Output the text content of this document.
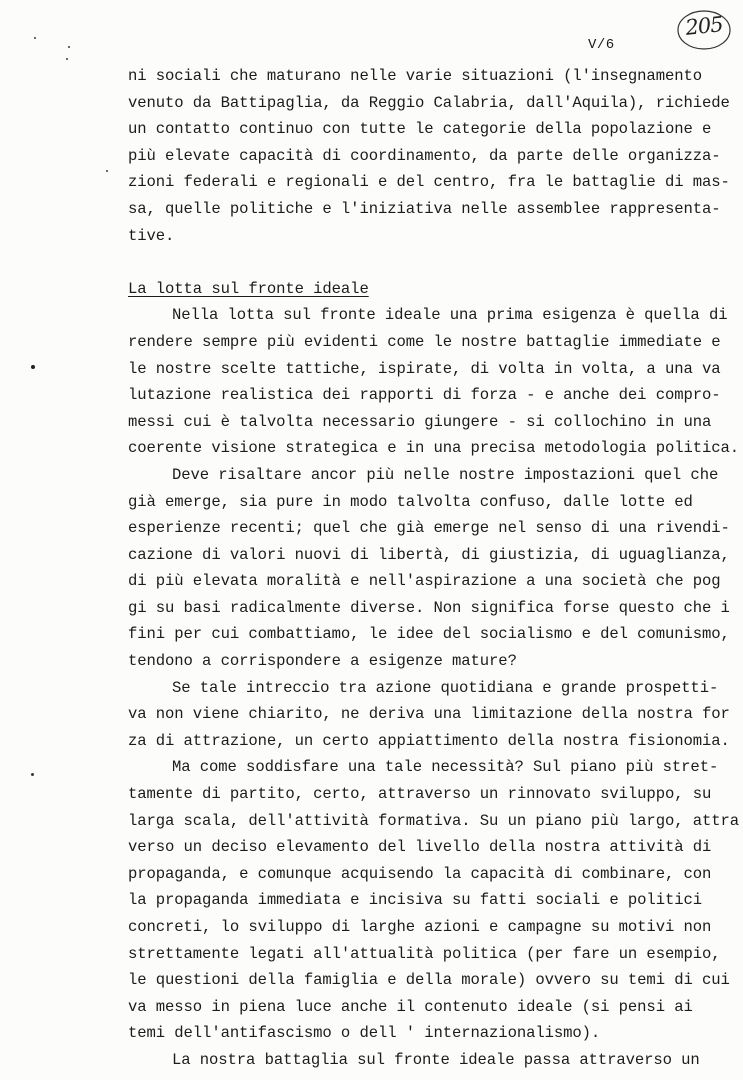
V/6
205
ni sociali che maturano nelle varie situazioni (l'insegnamento
venuto da Battipaglia, da Reggio Calabria, dall'Aquila), richiede
un contatto continuo con tutte le categorie della popolazione e
più elevate capacità di coordinamento, da parte delle organizza-
zioni federali e regionali e del centro, fra le battaglie di mas-
sa, quelle politiche e l'iniziativa nelle assemblee rappresenta-
tive.
La lotta sul fronte ideale
Nella lotta sul fronte ideale una prima esigenza è quella di
rendere sempre più evidenti come le nostre battaglie immediate e
le nostre scelte tattiche, ispirate, di volta in volta, a una va
lutazione realistica dei rapporti di forza - e anche dei compro-
messi cui è talvolta necessario giungere - si collochino in una
coerente visione strategica e in una precisa metodologia politica.
Deve risaltare ancor più nelle nostre impostazioni quel che
già emerge, sia pure in modo talvolta confuso, dalle lotte ed
esperienze recenti; quel che già emerge nel senso di una rivendi-
cazione di valori nuovi di libertà, di giustizia, di uguaglianza,
di più elevata moralità e nell'aspirazione a una società che pog
gi su basi radicalmente diverse. Non significa forse questo che i
fini per cui combattiamo, le idee del socialismo e del comunismo,
tendono a corrispondere a esigenze mature?
Se tale intreccio tra azione quotidiana e grande prospetti-
va non viene chiarito, ne deriva una limitazione della nostra for
za di attrazione, un certo appiattimento della nostra fisionomia.
Ma come soddisfare una tale necessità? Sul piano più stret-
tamente di partito, certo, attraverso un rinnovato sviluppo, su
larga scala, dell'attività formativa. Su un piano più largo, attra
verso un deciso elevamento del livello della nostra attività di
propaganda, e comunque acquisendo la capacità di combinare, con
la propaganda immediata e incisiva su fatti sociali e politici
concreti, lo sviluppo di larghe azioni e campagne su motivi non
strettamente legati all'attualità politica (per fare un esempio,
le questioni della famiglia e della morale) ovvero su temi di cui
va messo in piena luce anche il contenuto ideale (si pensi ai
temi dell'antifascismo o dell ' internazionalismo).
La nostra battaglia sul fronte ideale passa attraverso un
